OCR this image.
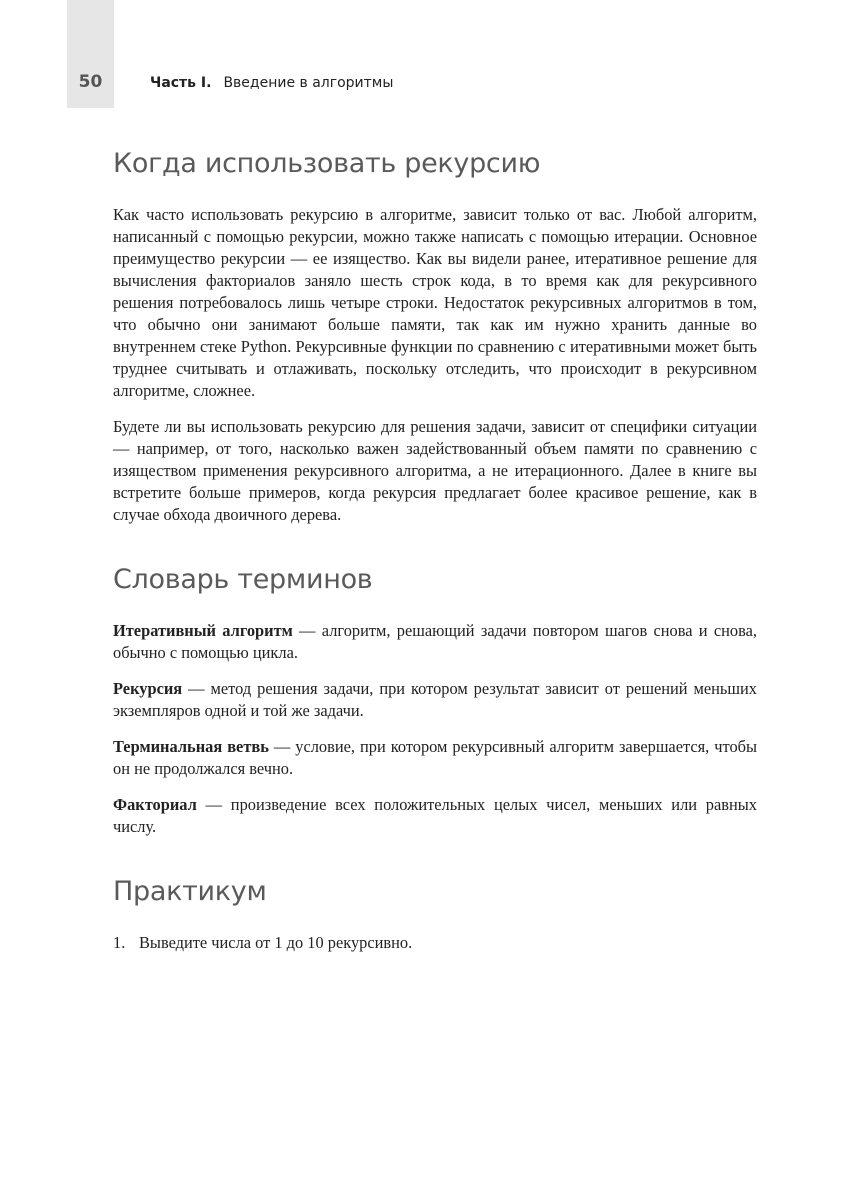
50	Часть I. Введение в алгоритмы
Когда использовать рекурсию

Как часто использовать рекурсию в алгоритме, зависит только от вас. Любой алгоритм, написанный с помощью рекурсии, можно также написать с помощью итерации. Основное преимущество рекурсии — ее изящество. Как вы видели ранее, итеративное решение для вычисления факториалов заняло шесть строк кода, в то время как для рекурсивного решения потребовалось лишь четыре строки. Недостаток рекурсивных алгоритмов в том, что обычно они занимают больше памяти, так как им нужно хранить данные во внутреннем стеке Python. Рекурсивные функции по сравнению с итеративными может быть труднее считывать и отлаживать, поскольку отследить, что происходит в рекурсивном алгоритме, сложнее.

Будете ли вы использовать рекурсию для решения задачи, зависит от специфики ситуации — например, от того, насколько важен задействованный объем памяти по сравнению с изяществом применения рекурсивного алгоритма, а не итерационного. Далее в книге вы встретите больше примеров, когда рекурсия предлагает более красивое решение, как в случае обхода двоичного дерева.

Словарь терминов

Итеративный алгоритм — алгоритм, решающий задачи повтором шагов снова и снова, обычно с помощью цикла.

Рекурсия — метод решения задачи, при котором результат зависит от решений меньших экземпляров одной и той же задачи.

Терминальная ветвь — условие, при котором рекурсивный алгоритм завершается, чтобы он не продолжался вечно.

Факториал — произведение всех положительных целых чисел, меньших или равных числу.

Практикум
1. Выведите числа от 1 до 10 рекурсивно.
